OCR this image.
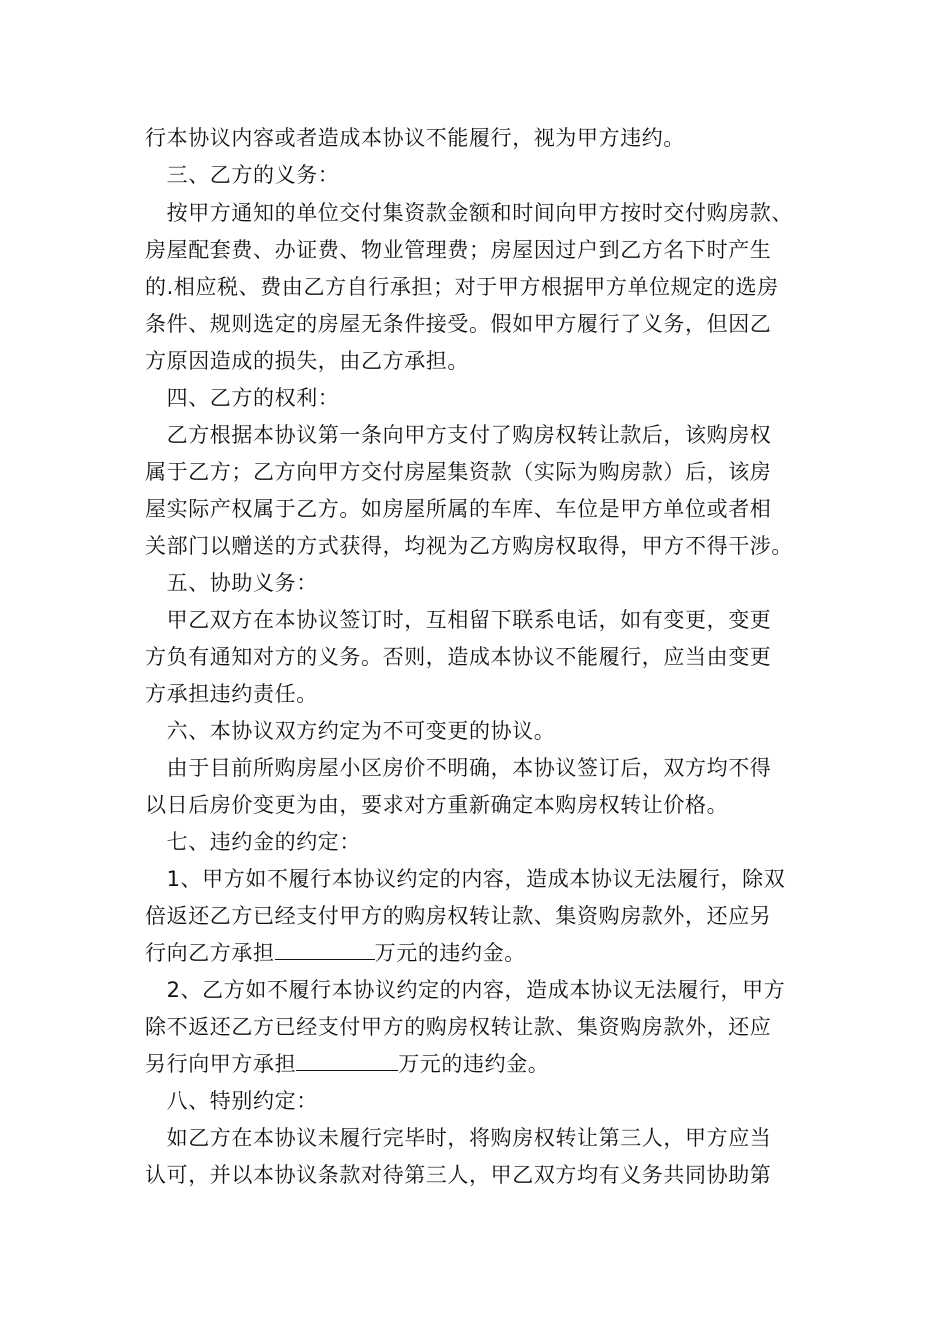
行本协议内容或者造成本协议不能履行，视为甲方违约。
　三、乙方的义务：
　按甲方通知的单位交付集资款金额和时间向甲方按时交付购房款、
房屋配套费、办证费、物业管理费；房屋因过户到乙方名下时产生
的.相应税、费由乙方自行承担；对于甲方根据甲方单位规定的选房
条件、规则选定的房屋无条件接受。假如甲方履行了义务，但因乙
方原因造成的损失，由乙方承担。
　四、乙方的权利：
　乙方根据本协议第一条向甲方支付了购房权转让款后，该购房权
属于乙方；乙方向甲方交付房屋集资款（实际为购房款）后，该房
屋实际产权属于乙方。如房屋所属的车库、车位是甲方单位或者相
关部门以赠送的方式获得，均视为乙方购房权取得，甲方不得干涉。
　五、协助义务：
　甲乙双方在本协议签订时，互相留下联系电话，如有变更，变更
方负有通知对方的义务。否则，造成本协议不能履行，应当由变更
方承担违约责任。
　六、本协议双方约定为不可变更的协议。
　由于目前所购房屋小区房价不明确，本协议签订后，双方均不得
以日后房价变更为由，要求对方重新确定本购房权转让价格。
　七、违约金的约定：
　1、甲方如不履行本协议约定的内容，造成本协议无法履行，除双
倍返还乙方已经支付甲方的购房权转让款、集资购房款外，还应另
行向乙方承担	万元的违约金。
　2、乙方如不履行本协议约定的内容，造成本协议无法履行，甲方
除不返还乙方已经支付甲方的购房权转让款、集资购房款外，还应
另行向甲方承担	万元的违约金。
　八、特别约定：
　如乙方在本协议未履行完毕时，将购房权转让第三人，甲方应当
认可，并以本协议条款对待第三人，甲乙双方均有义务共同协助第
